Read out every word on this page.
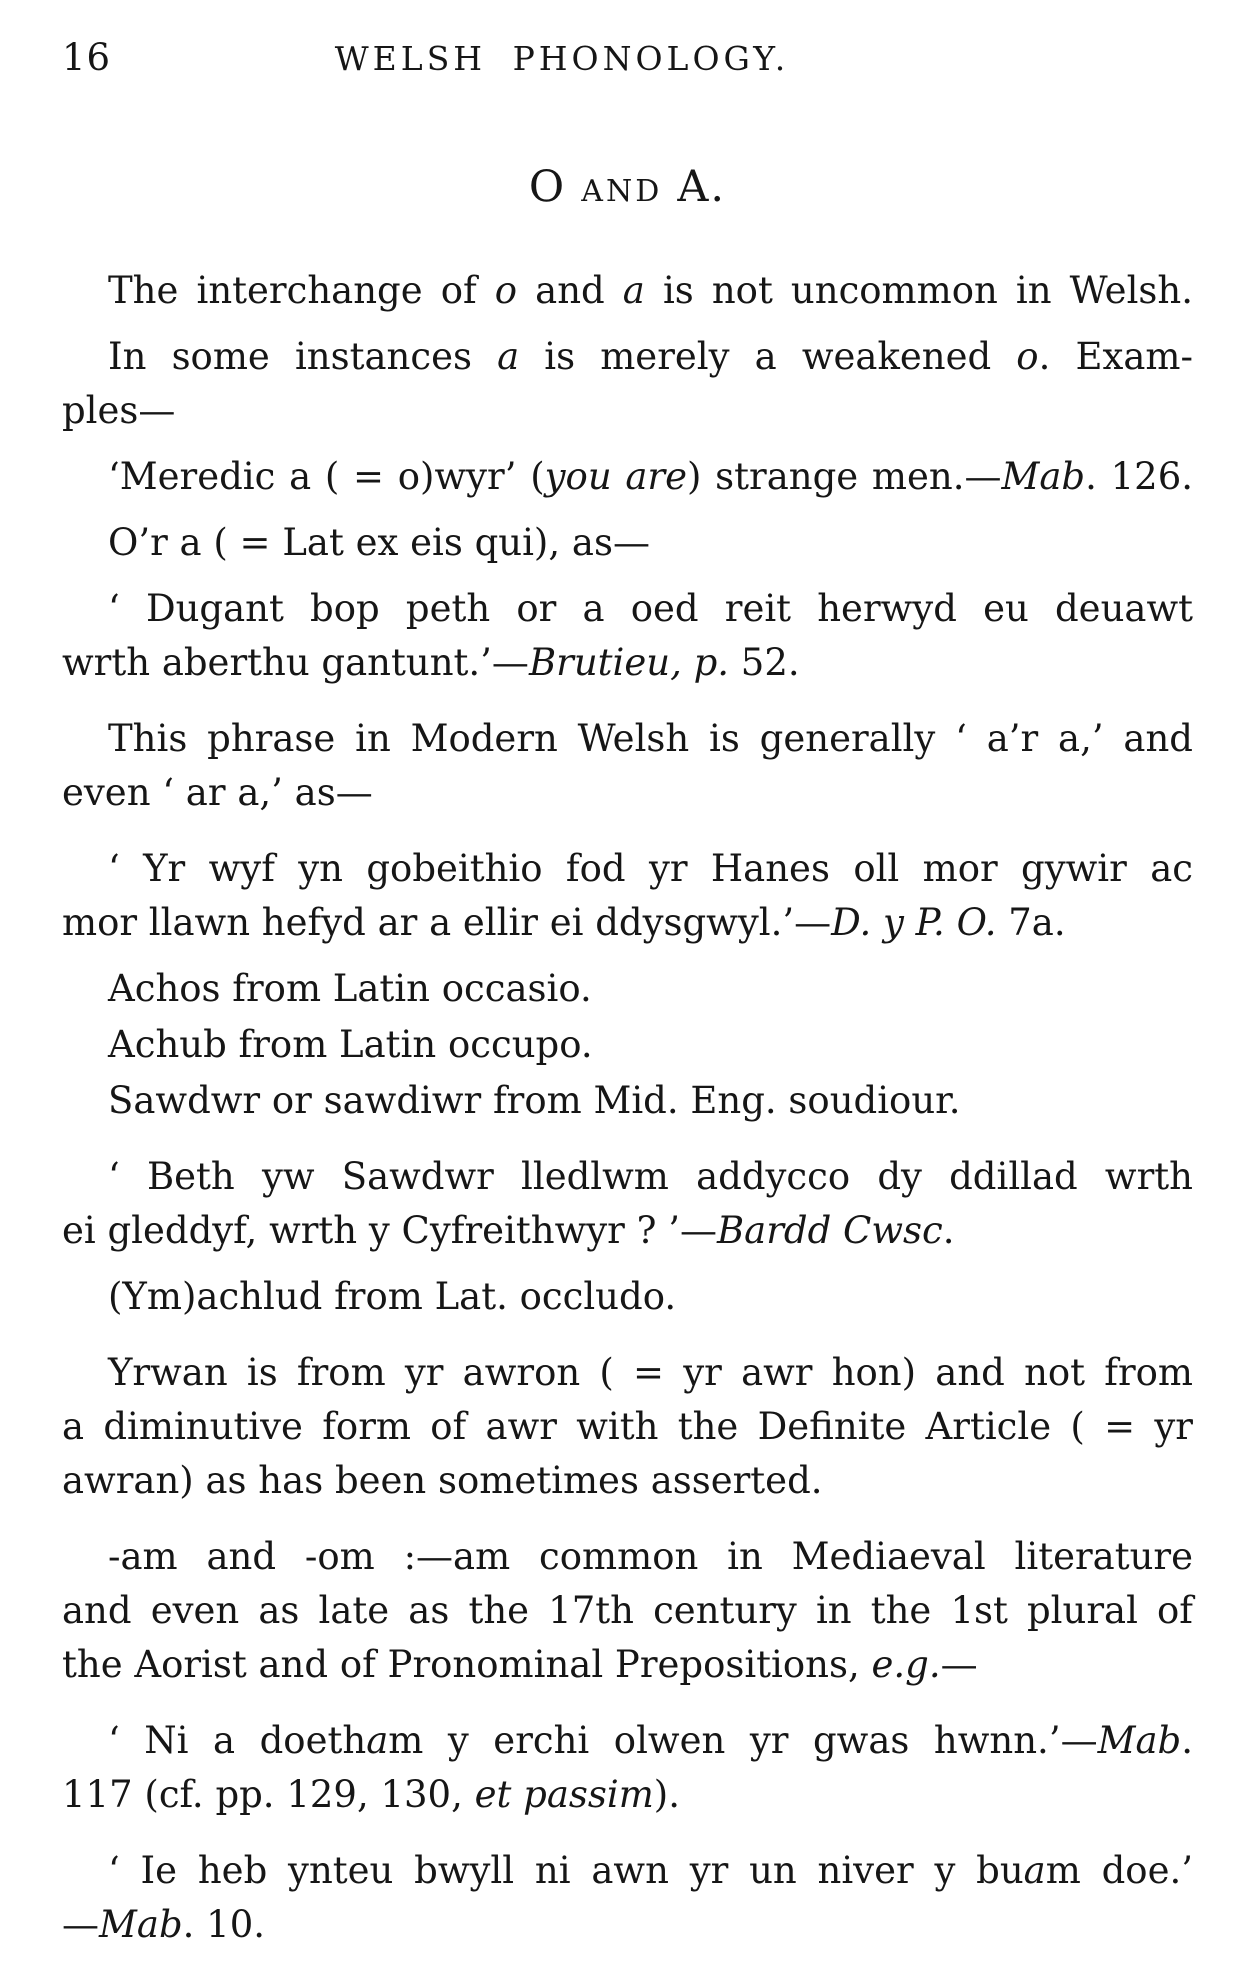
16	WELSH PHONOLOGY.
O AND A.
The interchange of o and a is not uncommon in Welsh.
In some instances a is merely a weakened o. Exam-
ples—
‘Meredic a ( = o)wyr’ (you are) strange men.—Mab. 126.
O’r a ( = Lat ex eis qui), as—
‘ Dugant bop peth or a oed reit herwyd eu deuawt
wrth aberthu gantunt.’—Brutieu, p. 52.
This phrase in Modern Welsh is generally ‘ a’r a,’ and
even ‘ ar a,’ as—
‘ Yr wyf yn gobeithio fod yr Hanes oll mor gywir ac
mor llawn hefyd ar a ellir ei ddysgwyl.’—D. y P. O. 7a.
Achos from Latin occasio.
Achub from Latin occupo.
Sawdwr or sawdiwr from Mid. Eng. soudiour.
‘ Beth yw Sawdwr lledlwm addycco dy ddillad wrth
ei gleddyf, wrth y Cyfreithwyr ? ’—Bardd Cwsc.
(Ym)achlud from Lat. occludo.
Yrwan is from yr awron ( = yr awr hon) and not from
a diminutive form of awr with the Definite Article ( = yr
awran) as has been sometimes asserted.
-am and -om :—am common in Mediaeval literature
and even as late as the 17th century in the 1st plural of
the Aorist and of Pronominal Prepositions, e.g.—
‘ Ni a doetham y erchi olwen yr gwas hwnn.’—Mab.
117 (cf. pp. 129, 130, et passim).
‘ Ie heb ynteu bwyll ni awn yr un niver y buam doe.’
—Mab. 10.
